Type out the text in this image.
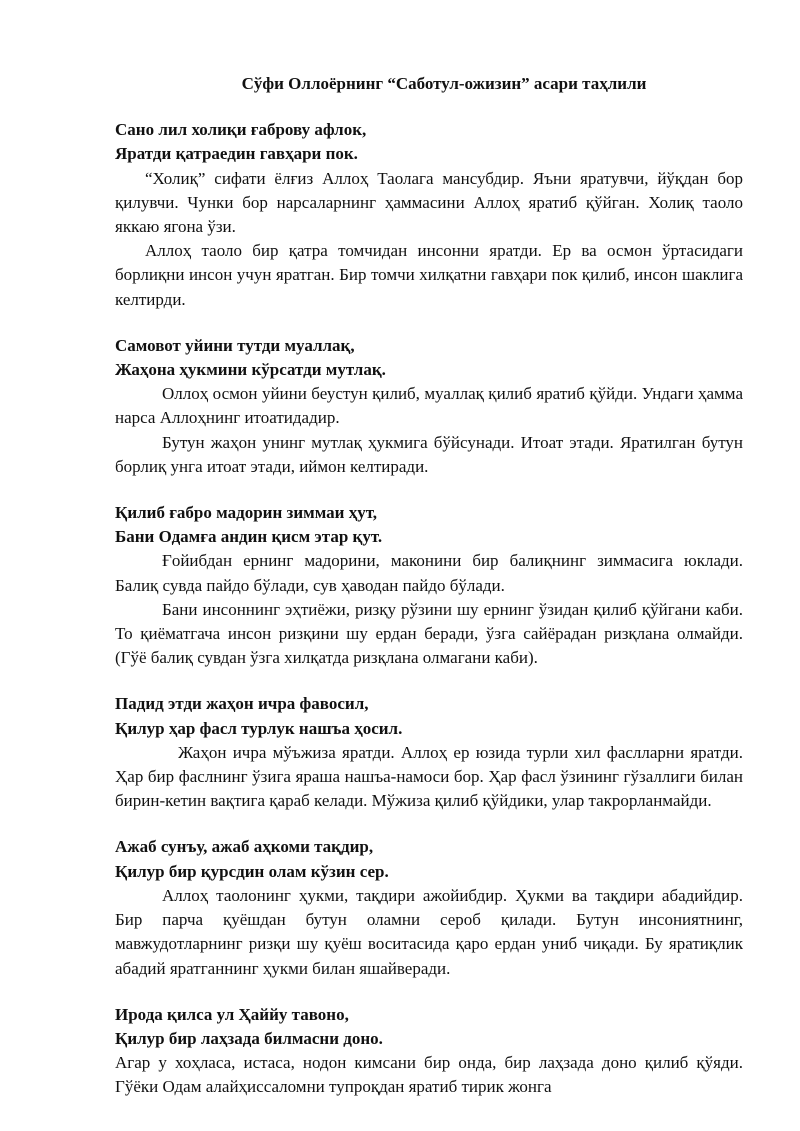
Сўфи Оллоёрнинг “Саботул-ожизин” асари таҳлили
Сано лил холиқи ғаброву афлок,
Яратди қатраедин гавҳари пок.
“Холиқ” сифати ёлғиз Аллоҳ Таолага мансубдир. Яъни яратувчи, йўқдан бор қилувчи. Чунки бор нарсаларнинг ҳаммасини Аллоҳ яратиб қўйган. Холиқ таоло яккаю ягона ўзи.
Аллоҳ таоло бир қатра томчидан инсонни яратди. Ер ва осмон ўртасидаги борлиқни инсон учун яратган. Бир томчи хилқатни гавҳари пок қилиб, инсон шаклига келтирди.
Самовот уйини тутди муаллақ,
Жаҳона ҳукмини кўрсатди мутлақ.
Оллоҳ осмон уйини беустун қилиб, муаллақ қилиб яратиб қўйди. Ундаги ҳамма нарса Аллоҳнинг итоатидадир.
Бутун жаҳон унинг мутлақ ҳукмига бўйсунади. Итоат этади. Яратилган бутун борлиқ унга итоат этади, иймон келтиради.
Қилиб ғабро мадорин зиммаи ҳут,
Бани Одамға андин қисм этар қут.
Ғойибдан ернинг мадорини, маконини бир балиқнинг зиммасига юклади. Балиқ сувда пайдо бўлади, сув ҳаводан пайдо бўлади.
Бани инсоннинг эҳтиёжи, ризқу рўзини шу ернинг ўзидан қилиб қўйгани каби. То қиёматгача инсон ризқини шу ердан беради, ўзга сайёрадан ризқлана олмайди. (Гўё балиқ сувдан ўзга хилқатда ризқлана олмагани каби).
Падид этди жаҳон ичра фавосил,
Қилур ҳар фасл турлук нашъа ҳосил.
Жаҳон ичра мўъжиза яратди. Аллоҳ ер юзида турли хил фаслларни яратди. Ҳар бир фаслнинг ўзига яраша нашъа-намоси бор. Ҳар фасл ўзининг гўзаллиги билан бирин-кетин вақтига қараб келади. Мўжиза қилиб қўйдики, улар такрорланмайди.
Ажаб сунъу, ажаб аҳкоми тақдир,
Қилур бир қурсдин олам кўзин сер.
Аллоҳ таолонинг ҳукми, тақдири ажойибдир. Ҳукми ва тақдири абадийдир. Бир парча қуёшдан бутун оламни сероб қилади. Бутун инсониятнинг, мавжудотларнинг ризқи шу қуёш воситасида қаро ердан униб чиқади. Бу яратиқлик абадий яратганнинг ҳукми билан яшайверади.
Ирода қилса ул Ҳаййу тавоно,
Қилур бир лаҳзада билмасни доно.
Агар у хоҳласа, истаса, нодон кимсани бир онда, бир лаҳзада доно қилиб қўяди. Гўёки Одам алайҳиссаломни тупроқдан яратиб тирик жонга
